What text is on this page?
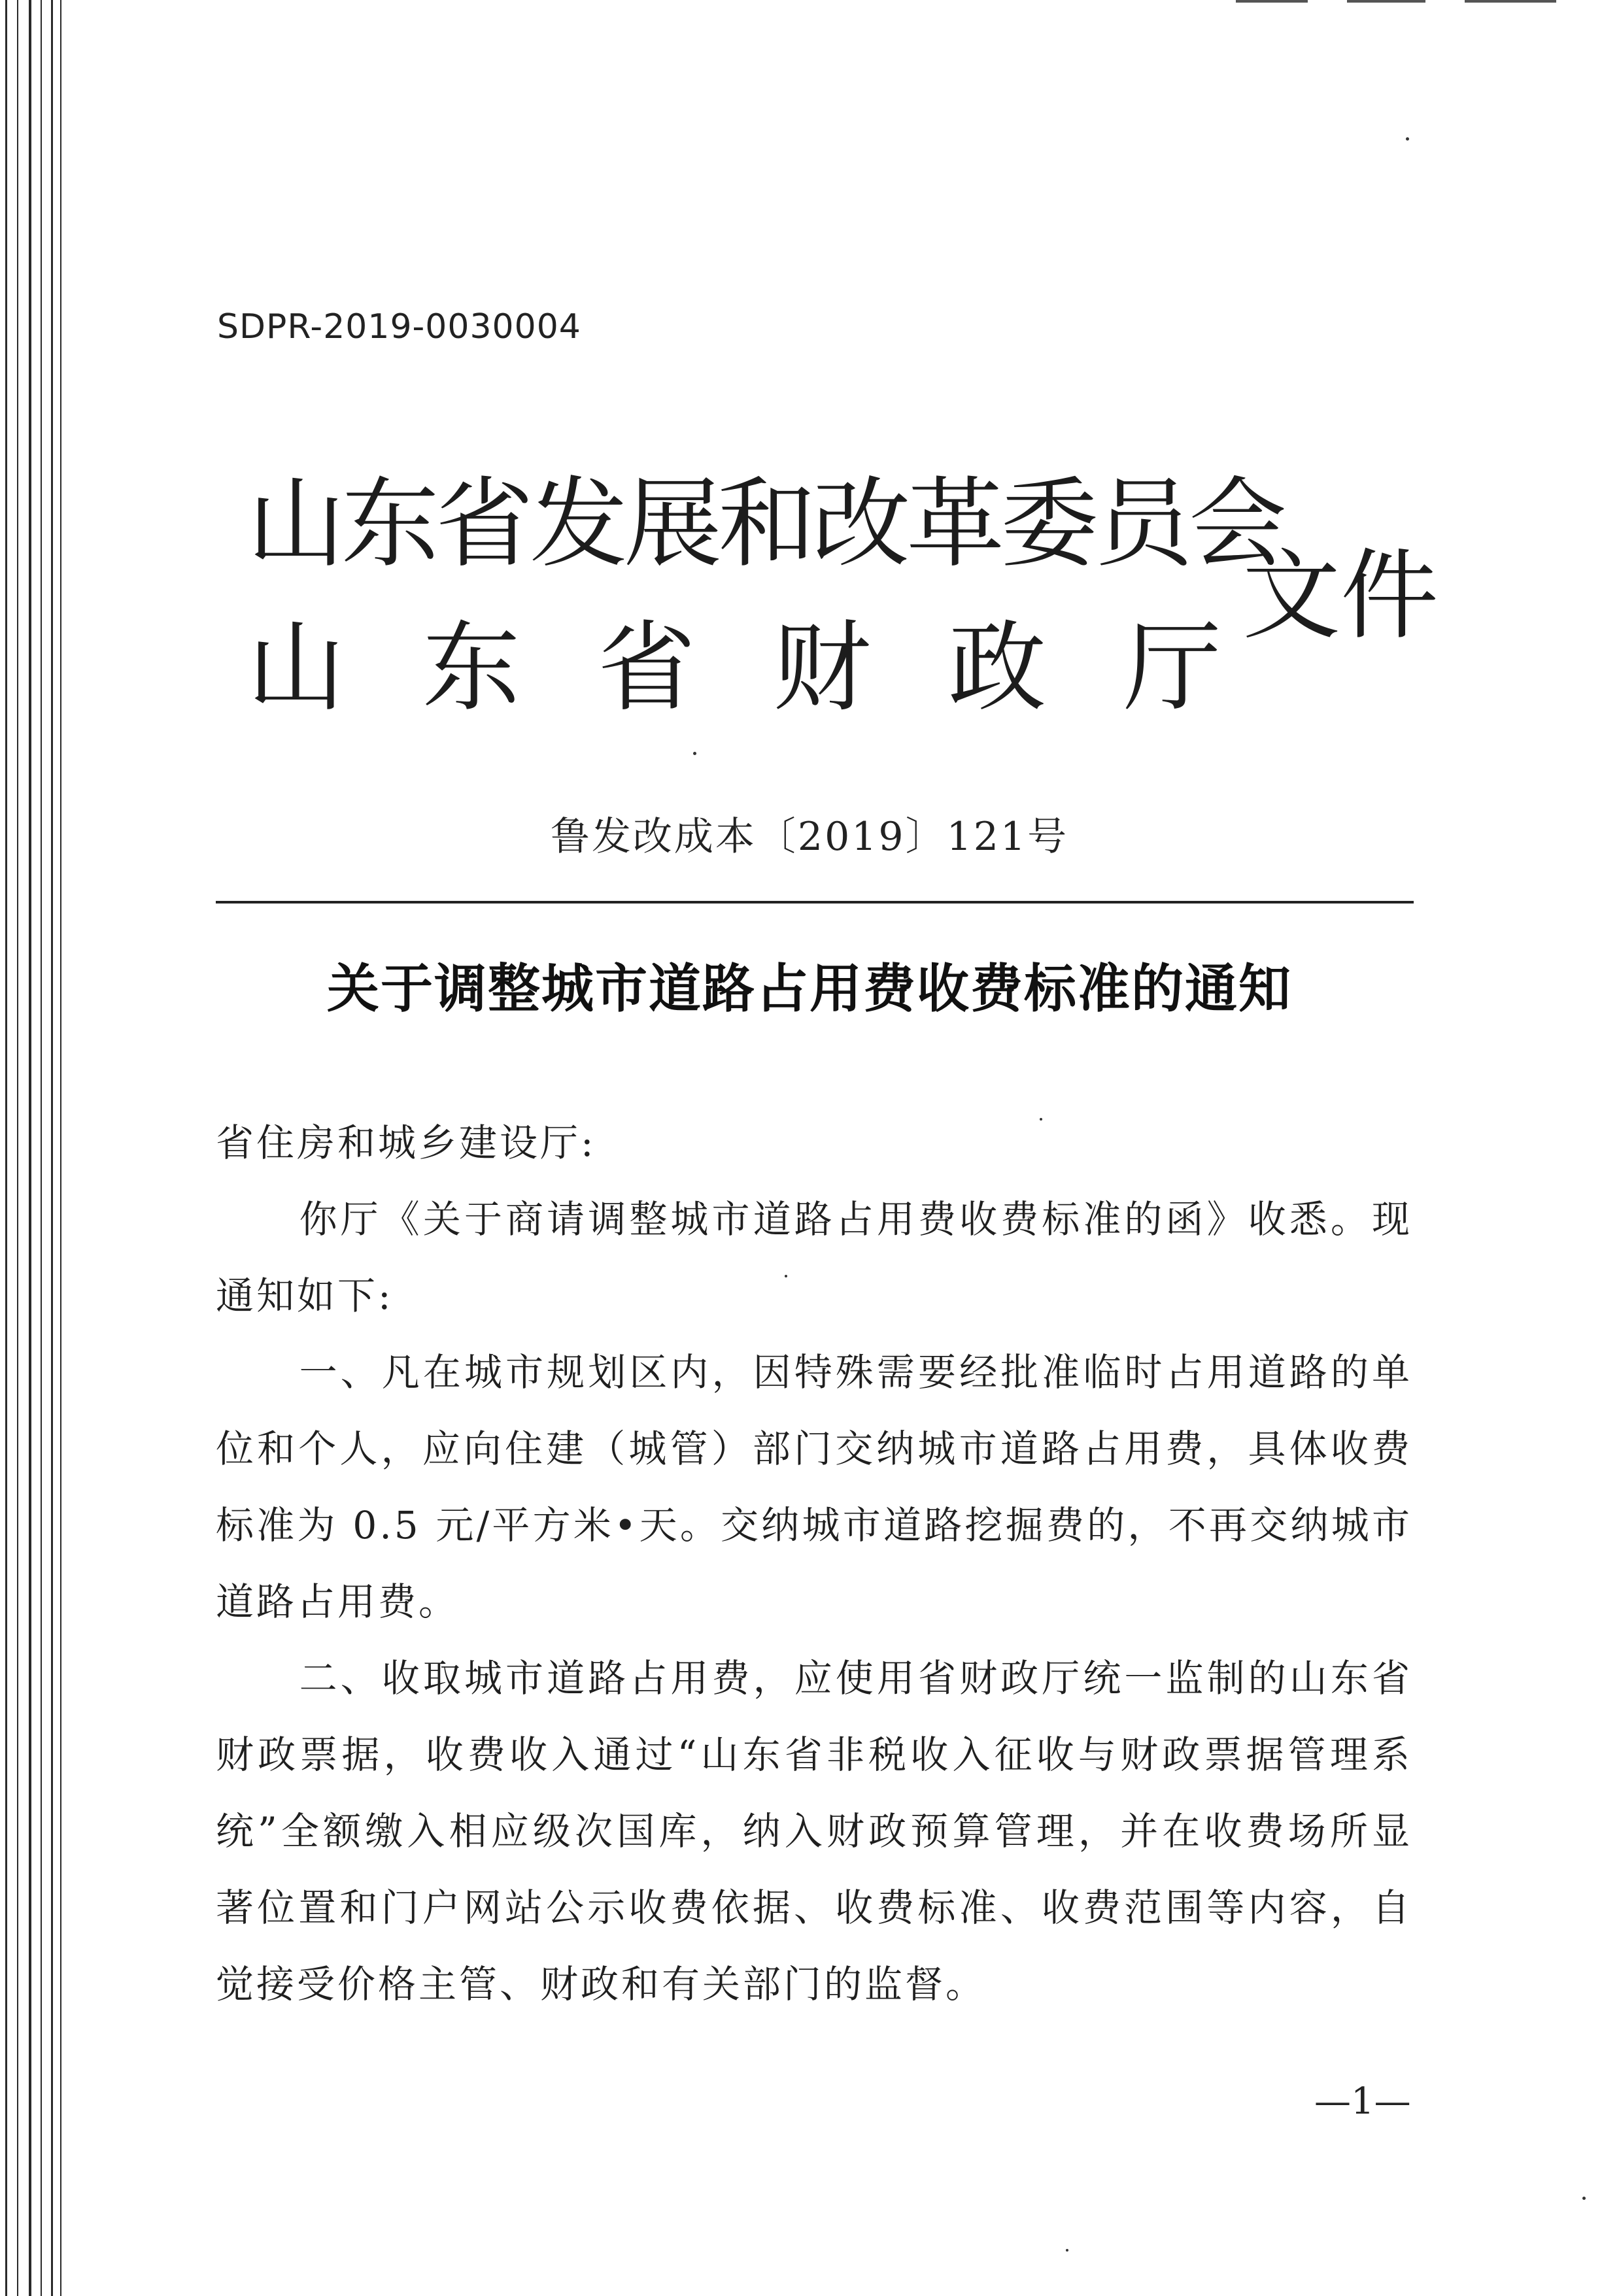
SDPR-2019-0030004
山东省发展和改革委员会
山东省财政厅
文件
鲁发改成本〔2019〕121号
关于调整城市道路占用费收费标准的通知

省住房和城乡建设厅:

你厅《关于商请调整城市道路占用费收费标准的函》收悉。现通知如下:

一、凡在城市规划区内，因特殊需要经批准临时占用道路的单位和个人，应向住建（城管）部门交纳城市道路占用费，具体收费标准为 0.5 元/平方米•天。交纳城市道路挖掘费的，不再交纳城市道路占用费。

二、收取城市道路占用费，应使用省财政厅统一监制的山东省财政票据，收费收入通过“山东省非税收入征收与财政票据管理系统”全额缴入相应级次国库，纳入财政预算管理，并在收费场所显著位置和门户网站公示收费依据、收费标准、收费范围等内容，自觉接受价格主管、财政和有关部门的监督。

—1—
